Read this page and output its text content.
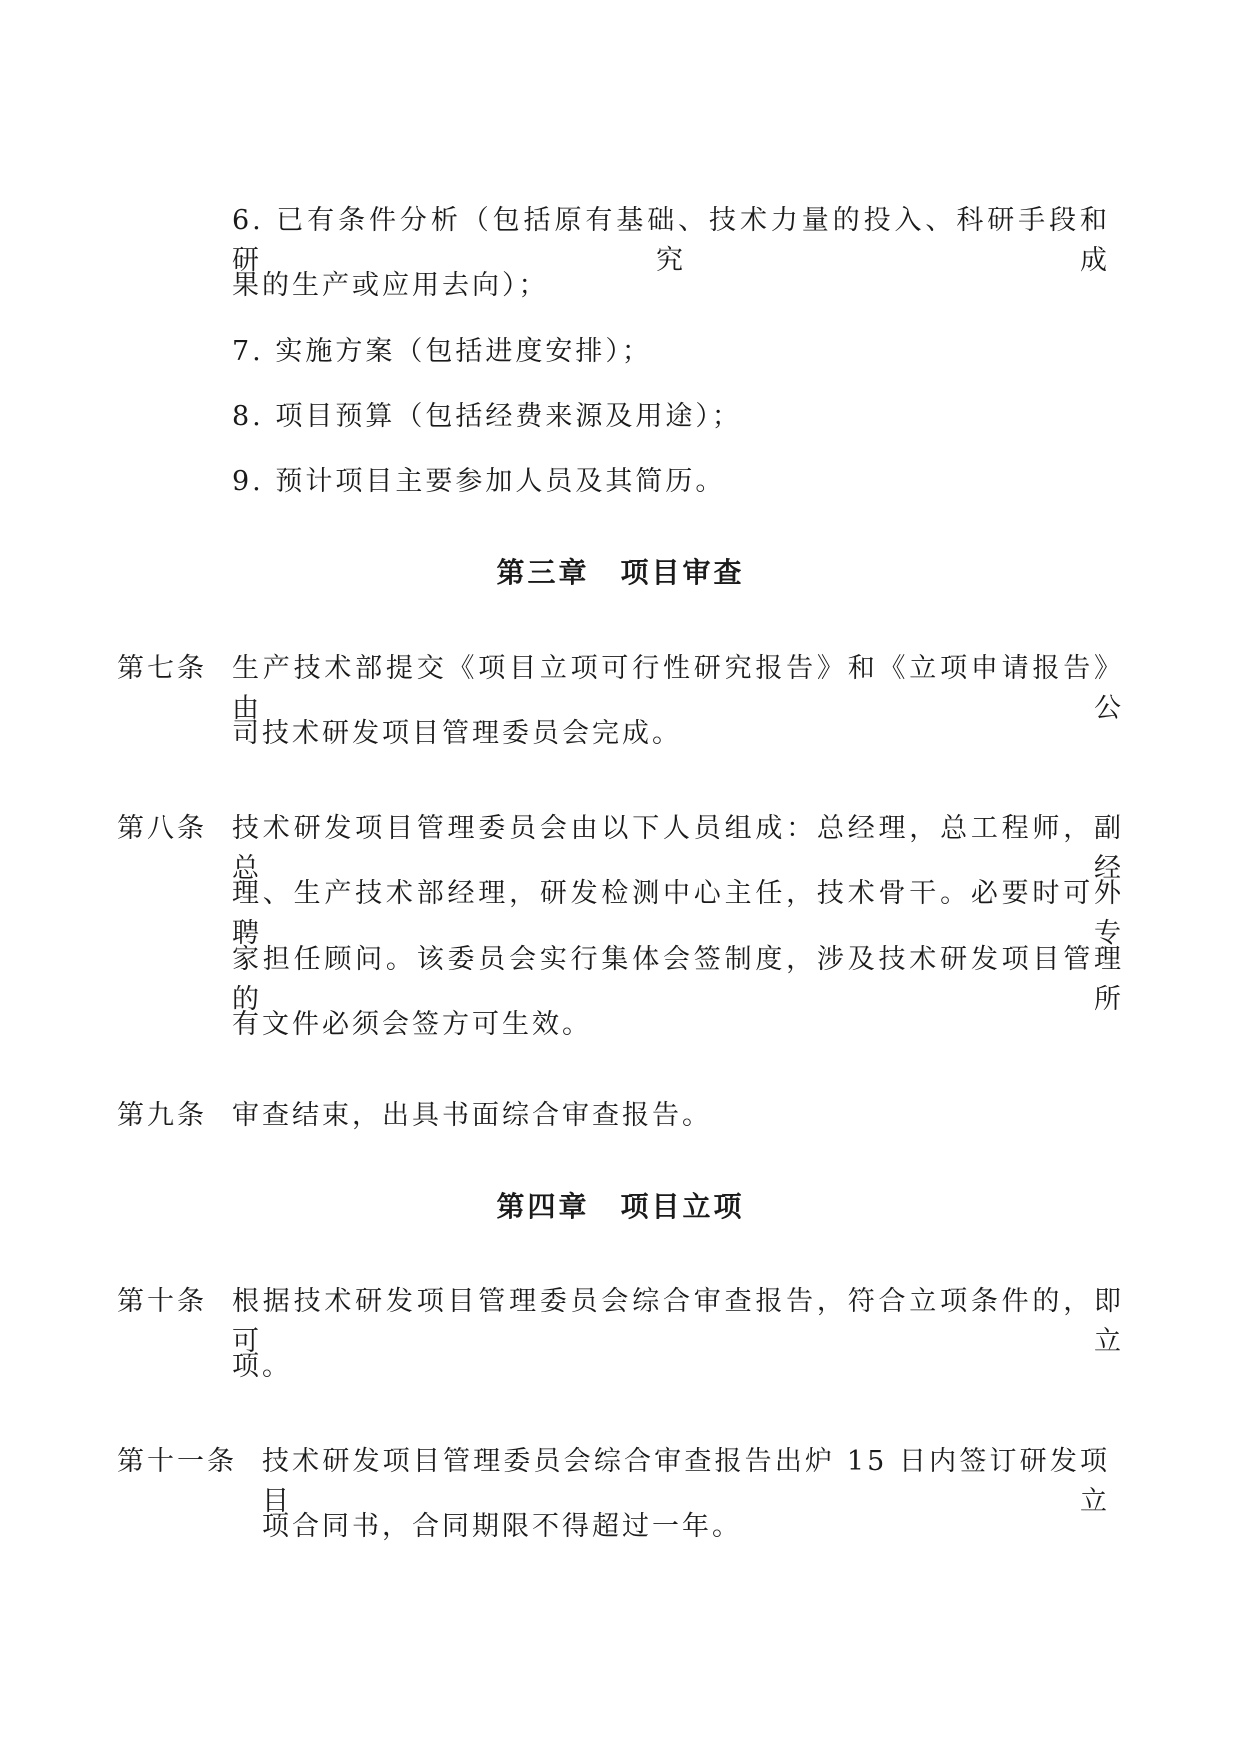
6. 已有条件分析（包括原有基础、技术力量的投入、科研手段和研究成
果的生产或应用去向）；
7. 实施方案（包括进度安排）；
8. 项目预算（包括经费来源及用途）；
9. 预计项目主要参加人员及其简历。
第三章　项目审查
第七条 生产技术部提交《项目立项可行性研究报告》和《立项申请报告》由公
司技术研发项目管理委员会完成。
第八条 技术研发项目管理委员会由以下人员组成：总经理，总工程师，副总经
理、生产技术部经理，研发检测中心主任，技术骨干。必要时可外聘专
家担任顾问。该委员会实行集体会签制度，涉及技术研发项目管理的所
有文件必须会签方可生效。
第九条 审查结束，出具书面综合审查报告。
第四章　项目立项
第十条 根据技术研发项目管理委员会综合审查报告，符合立项条件的，即可立
项。
第十一条 技术研发项目管理委员会综合审查报告出炉 15 日内签订研发项目立
项合同书，合同期限不得超过一年。
